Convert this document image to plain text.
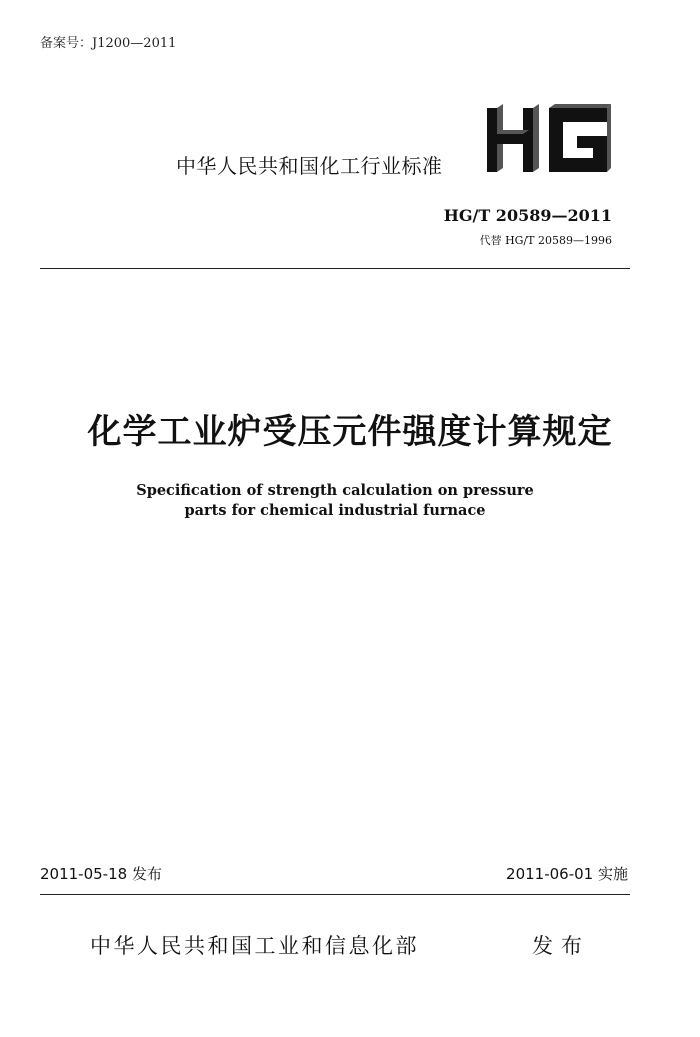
备案号：J1200—2011
中华人民共和国化工行业标准
HG/T 20589—2011
代替 HG/T 20589—1996
化学工业炉受压元件强度计算规定
Specification of strength calculation on pressure
parts for chemical industrial furnace
2011-05-18 发布	2011-06-01 实施
中华人民共和国工业和信息化部	发布
